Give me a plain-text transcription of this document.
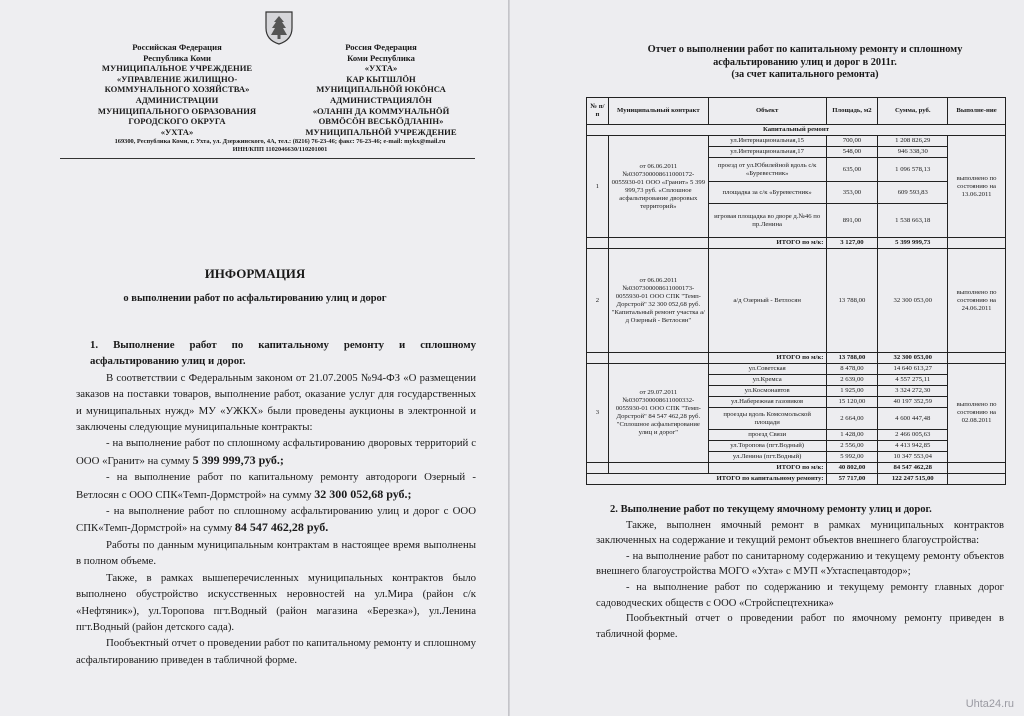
Российская Федерация
Республика Коми
МУНИЦИПАЛЬНОЕ УЧРЕЖДЕНИЕ
«УПРАВЛЕНИЕ ЖИЛИЩНО-
КОММУНАЛЬНОГО ХОЗЯЙСТВА»
АДМИНИСТРАЦИИ
МУНИЦИПАЛЬНОГО ОБРАЗОВАНИЯ
ГОРОДСКОГО ОКРУГА
«УХТА»
Россия Федерация
Коми Республика
«УХТА»
КАР КЫТШЛӦН
МУНИЦИПАЛЬНӦЙ ЮКӦНСА
АДМИНИСТРАЦИЯЛӦН
«ОЛАНІН ДА КОММУНАЛЬНӦЙ
ОВМӦСӦН ВЕСЬКӦДЛАНІН»
МУНИЦИПАЛЬНӦЙ УЧРЕЖДЕНИЕ
169300, Республика Коми, г. Ухта, ул. Дзержинского, 4А, тел.: (8216) 76-23-46; факс: 76-23-46; e-mail: mykx@mail.ru
ИНН/КПП 1102046630/110201001
ИНФОРМАЦИЯ
о выполнении работ по асфальтированию улиц и дорог
1. Выполнение работ по капитальному ремонту и сплошному асфальтированию улиц и дорог.
В соответствии с Федеральным законом от 21.07.2005 №94-ФЗ «О размещении заказов на поставки товаров, выполнение работ, оказание услуг для государственных и муниципальных нужд» МУ «УЖКХ» были проведены аукционы в электронной и заключены следующие муниципальные контракты:
- на выполнение работ по сплошному асфальтированию дворовых территорий с ООО «Гранит» на сумму 5 399 999,73 руб.;
- на выполнение работ по капитальному ремонту автодороги Озерный - Ветлосян с ООО СПК«Темп-Дормстрой» на сумму 32 300 052,68 руб.;
- на выполнение работ по сплошному асфальтированию улиц и дорог с ООО СПК«Темп-Дормстрой» на сумму 84 547 462,28 руб.
Работы по данным муниципальным контрактам в настоящее время выполнены в полном объеме.
Также, в рамках вышеперечисленных муниципальных контрактов было выполнено обустройство искусственных неровностей на ул.Мира (район с/к «Нефтяник»), ул.Торопова пгт.Водный (район магазина «Березка»), ул.Ленина пгт.Водный (район детского сада).
Пообъектный отчет о проведении работ по капитальному ремонту и сплошному асфальтированию приведен в табличной форме.
Отчет о выполнении работ по капитальному ремонту и сплошному
асфальтированию улиц и дорог в 2011г.
(за счет капитального ремонта)
№ п/п	Муниципальный контракт	Объект	Площадь, м2	Сумма, руб.	Выполне-ние
Капитальный ремонт					
1	от 06.06.2011 №0307300008611000172-0055930-01 ООО «Гранит» 5 399 999,73 руб. «Сплошное асфальтирование дворовых территорий»	ул.Интернациональная,15	700,00	1 208 826,29	выполнено по состоянию на 13.06.2011
		ул.Интернациональная,17	548,00	946 338,30	
		проезд от ул.Юбилейной вдоль с/к «Буревестник»	635,00	1 096 578,13	
		площадка за с/к «Буревестник»	353,00	609 593,83	
		игровая площадка во дворе д.№46 по пр.Ленина	891,00	1 538 663,18	
		ИТОГО по м/к:	3 127,00	5 399 999,73	
2	от 06.06.2011 №0307300008611000173-0055930-01 ООО СПК "Темп-Дорстрой" 32 300 052,68 руб. "Капитальный ремонт участка а/д Озерный - Ветлосян"	а/д Озерный - Ветлосян	13 788,00	32 300 053,00	выполнено по состоянию на 24.06.2011
		ИТОГО по м/к:	13 788,00	32 300 053,00	
3	от 29.07.2011 №0307300008611000332-0055930-01 ООО СПК "Темп-Дорстрой" 84 547 462,28 руб. "Сплошное асфальтирование улиц и дорог"	ул.Советская	8 478,00	14 640 613,27	выполнено по состоянию на 02.08.2011
		ул.Кремса	2 639,00	4 557 275,11	
		ул.Космонавтов	1 925,00	3 324 272,30	
		ул.Набережная газовиков	15 120,00	40 197 352,59	
		проезды вдоль Комсомольской площади	2 664,00	4 600 447,48	
		проезд Связи	1 428,00	2 466 005,63	
		ул.Торопова (пгт.Водный)	2 556,00	4 413 942,85	
		ул.Ленина (пгт.Водный)	5 992,00	10 347 553,04	
		ИТОГО по м/к:	40 802,00	84 547 462,28	
ИТОГО по капитальному ремонту:			57 717,00	122 247 515,00	
2. Выполнение работ по текущему ямочному ремонту улиц и дорог.
Также, выполнен ямочный ремонт в рамках муниципальных контрактов заключенных на содержание и текущий ремонт объектов внешнего благоустройства:
- на выполнение работ по санитарному содержанию и текущему ремонту объектов внешнего благоустройства МОГО «Ухта» с МУП «Ухтаспецавтодор»;
- на выполнение работ по содержанию и текущему ремонту главных дорог садоводческих обществ с ООО «Стройспецтехника»
Пообъектный отчет о проведении работ по ямочному ремонту приведен в табличной форме.
Uhta24.ru
